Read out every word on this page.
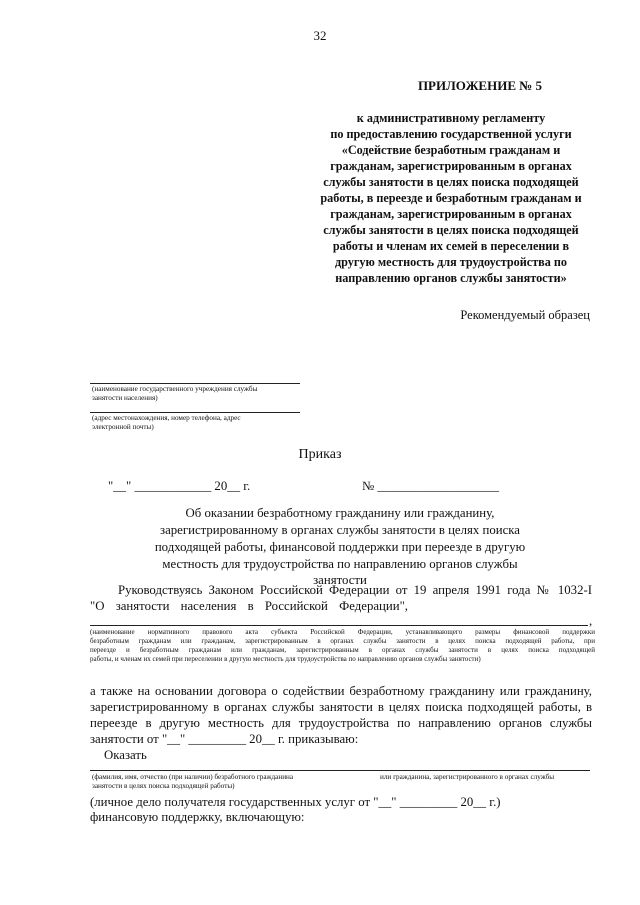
32
ПРИЛОЖЕНИЕ № 5
к административному регламенту
по предоставлению государственной услуги
«Содействие безработным гражданам и
гражданам, зарегистрированным в органах
службы занятости в целях поиска подходящей
работы, в переезде и безработным гражданам и
гражданам, зарегистрированным в органах
службы занятости в целях поиска подходящей
работы и членам их семей в переселении в
другую местность для трудоустройства по
направлению органов службы занятости»
Рекомендуемый образец
(наименование государственного учреждения службы
занятости населения)
(адрес местонахождения, номер телефона, адрес
электронной почты)
Приказ
"__" ____________ 20__ г.	№ ___________________
Об оказании безработному гражданину или гражданину,
зарегистрированному в органах службы занятости в целях поиска
подходящей работы, финансовой поддержки при переезде в другую
местность для трудоустройства по направлению органов службы
занятости
Руководствуясь Законом Российской Федерации от 19 апреля 1991 года № 1032-I
"О занятости населения в Российской Федерации",
,
(наименование нормативного правового акта субъекта Российской Федерации, устанавливающего размеры финансовой поддержки
безработным гражданам или гражданам, зарегистрированным в органах службы занятости в целях поиска подходящей работы, при
переезде и безработным гражданам или гражданам, зарегистрированным в органах службы занятости в целях поиска подходящей
работы, и членам их семей при переселении в другую местность для трудоустройства по направлению органов службы занятости)
а также на основании договора о содействии безработному гражданину или гражданину,
зарегистрированному в органах службы занятости в целях поиска подходящей работы, в
переезде в другую местность для трудоустройства по направлению органов службы
занятости от "__" _________ 20__ г. приказываю:
Оказать
(фамилия, имя, отчество (при наличии) безработного гражданина
занятости в целях поиска подходящей работы)
или гражданина, зарегистрированного в органах службы
(личное дело получателя государственных услуг от "__" _________ 20__ г.)
финансовую поддержку, включающую:
